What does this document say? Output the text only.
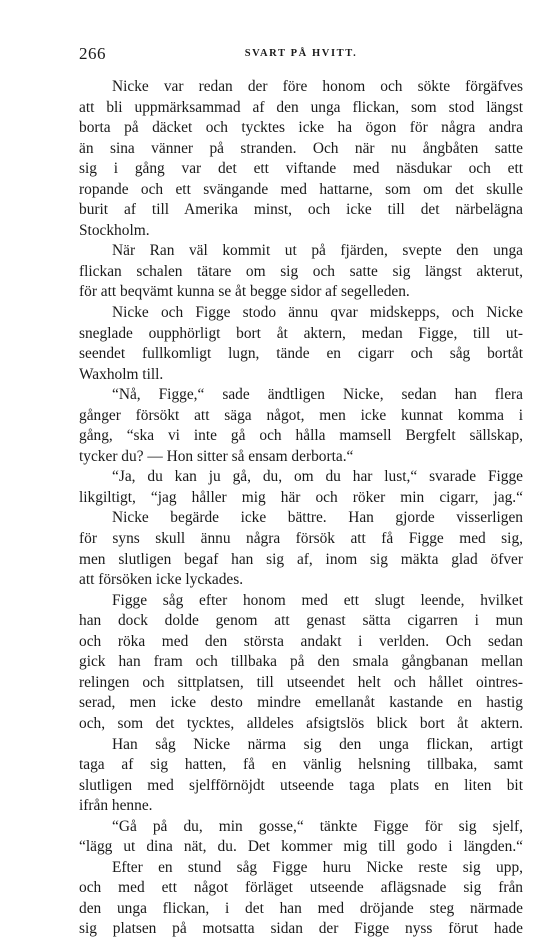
266	SVART PÅ HVITT.
Nicke var redan der före honom och sökte förgäfves
att bli uppmärksammad af den unga flickan, som stod längst
borta på däcket och tycktes icke ha ögon för några andra
än sina vänner på stranden. Och när nu ångbåten satte
sig i gång var det ett viftande med näsdukar och ett
ropande och ett svängande med hattarne, som om det skulle
burit af till Amerika minst, och icke till det närbelägna
Stockholm.
När Ran väl kommit ut på fjärden, svepte den unga
flickan schalen tätare om sig och satte sig längst akterut,
för att beqvämt kunna se åt begge sidor af segelleden.
Nicke och Figge stodo ännu qvar midskepps, och Nicke
sneglade oupphörligt bort åt aktern, medan Figge, till ut-
seendet fullkomligt lugn, tände en cigarr och såg bortåt
Waxholm till.
“Nå, Figge,“ sade ändtligen Nicke, sedan han flera
gånger försökt att säga något, men icke kunnat komma i
gång, “ska vi inte gå och hålla mamsell Bergfelt sällskap,
tycker du? — Hon sitter så ensam derborta.“
“Ja, du kan ju gå, du, om du har lust,“ svarade Figge
likgiltigt, “jag håller mig här och röker min cigarr, jag.“
Nicke begärde icke bättre. Han gjorde visserligen
för syns skull ännu några försök att få Figge med sig,
men slutligen begaf han sig af, inom sig mäkta glad öfver
att försöken icke lyckades.
Figge såg efter honom med ett slugt leende, hvilket
han dock dolde genom att genast sätta cigarren i mun
och röka med den största andakt i verlden. Och sedan
gick han fram och tillbaka på den smala gångbanan mellan
relingen och sittplatsen, till utseendet helt och hållet ointres-
serad, men icke desto mindre emellanåt kastande en hastig
och, som det tycktes, alldeles afsigtslös blick bort åt aktern.
Han såg Nicke närma sig den unga flickan, artigt
taga af sig hatten, få en vänlig helsning tillbaka, samt
slutligen med sjelfförnöjdt utseende taga plats en liten bit
ifrån henne.
“Gå på du, min gosse,“ tänkte Figge för sig sjelf,
“lägg ut dina nät, du. Det kommer mig till godo i längden.“
Efter en stund såg Figge huru Nicke reste sig upp,
och med ett något förläget utseende aflägsnade sig från
den unga flickan, i det han med dröjande steg närmade
sig platsen på motsatta sidan der Figge nyss förut hade
